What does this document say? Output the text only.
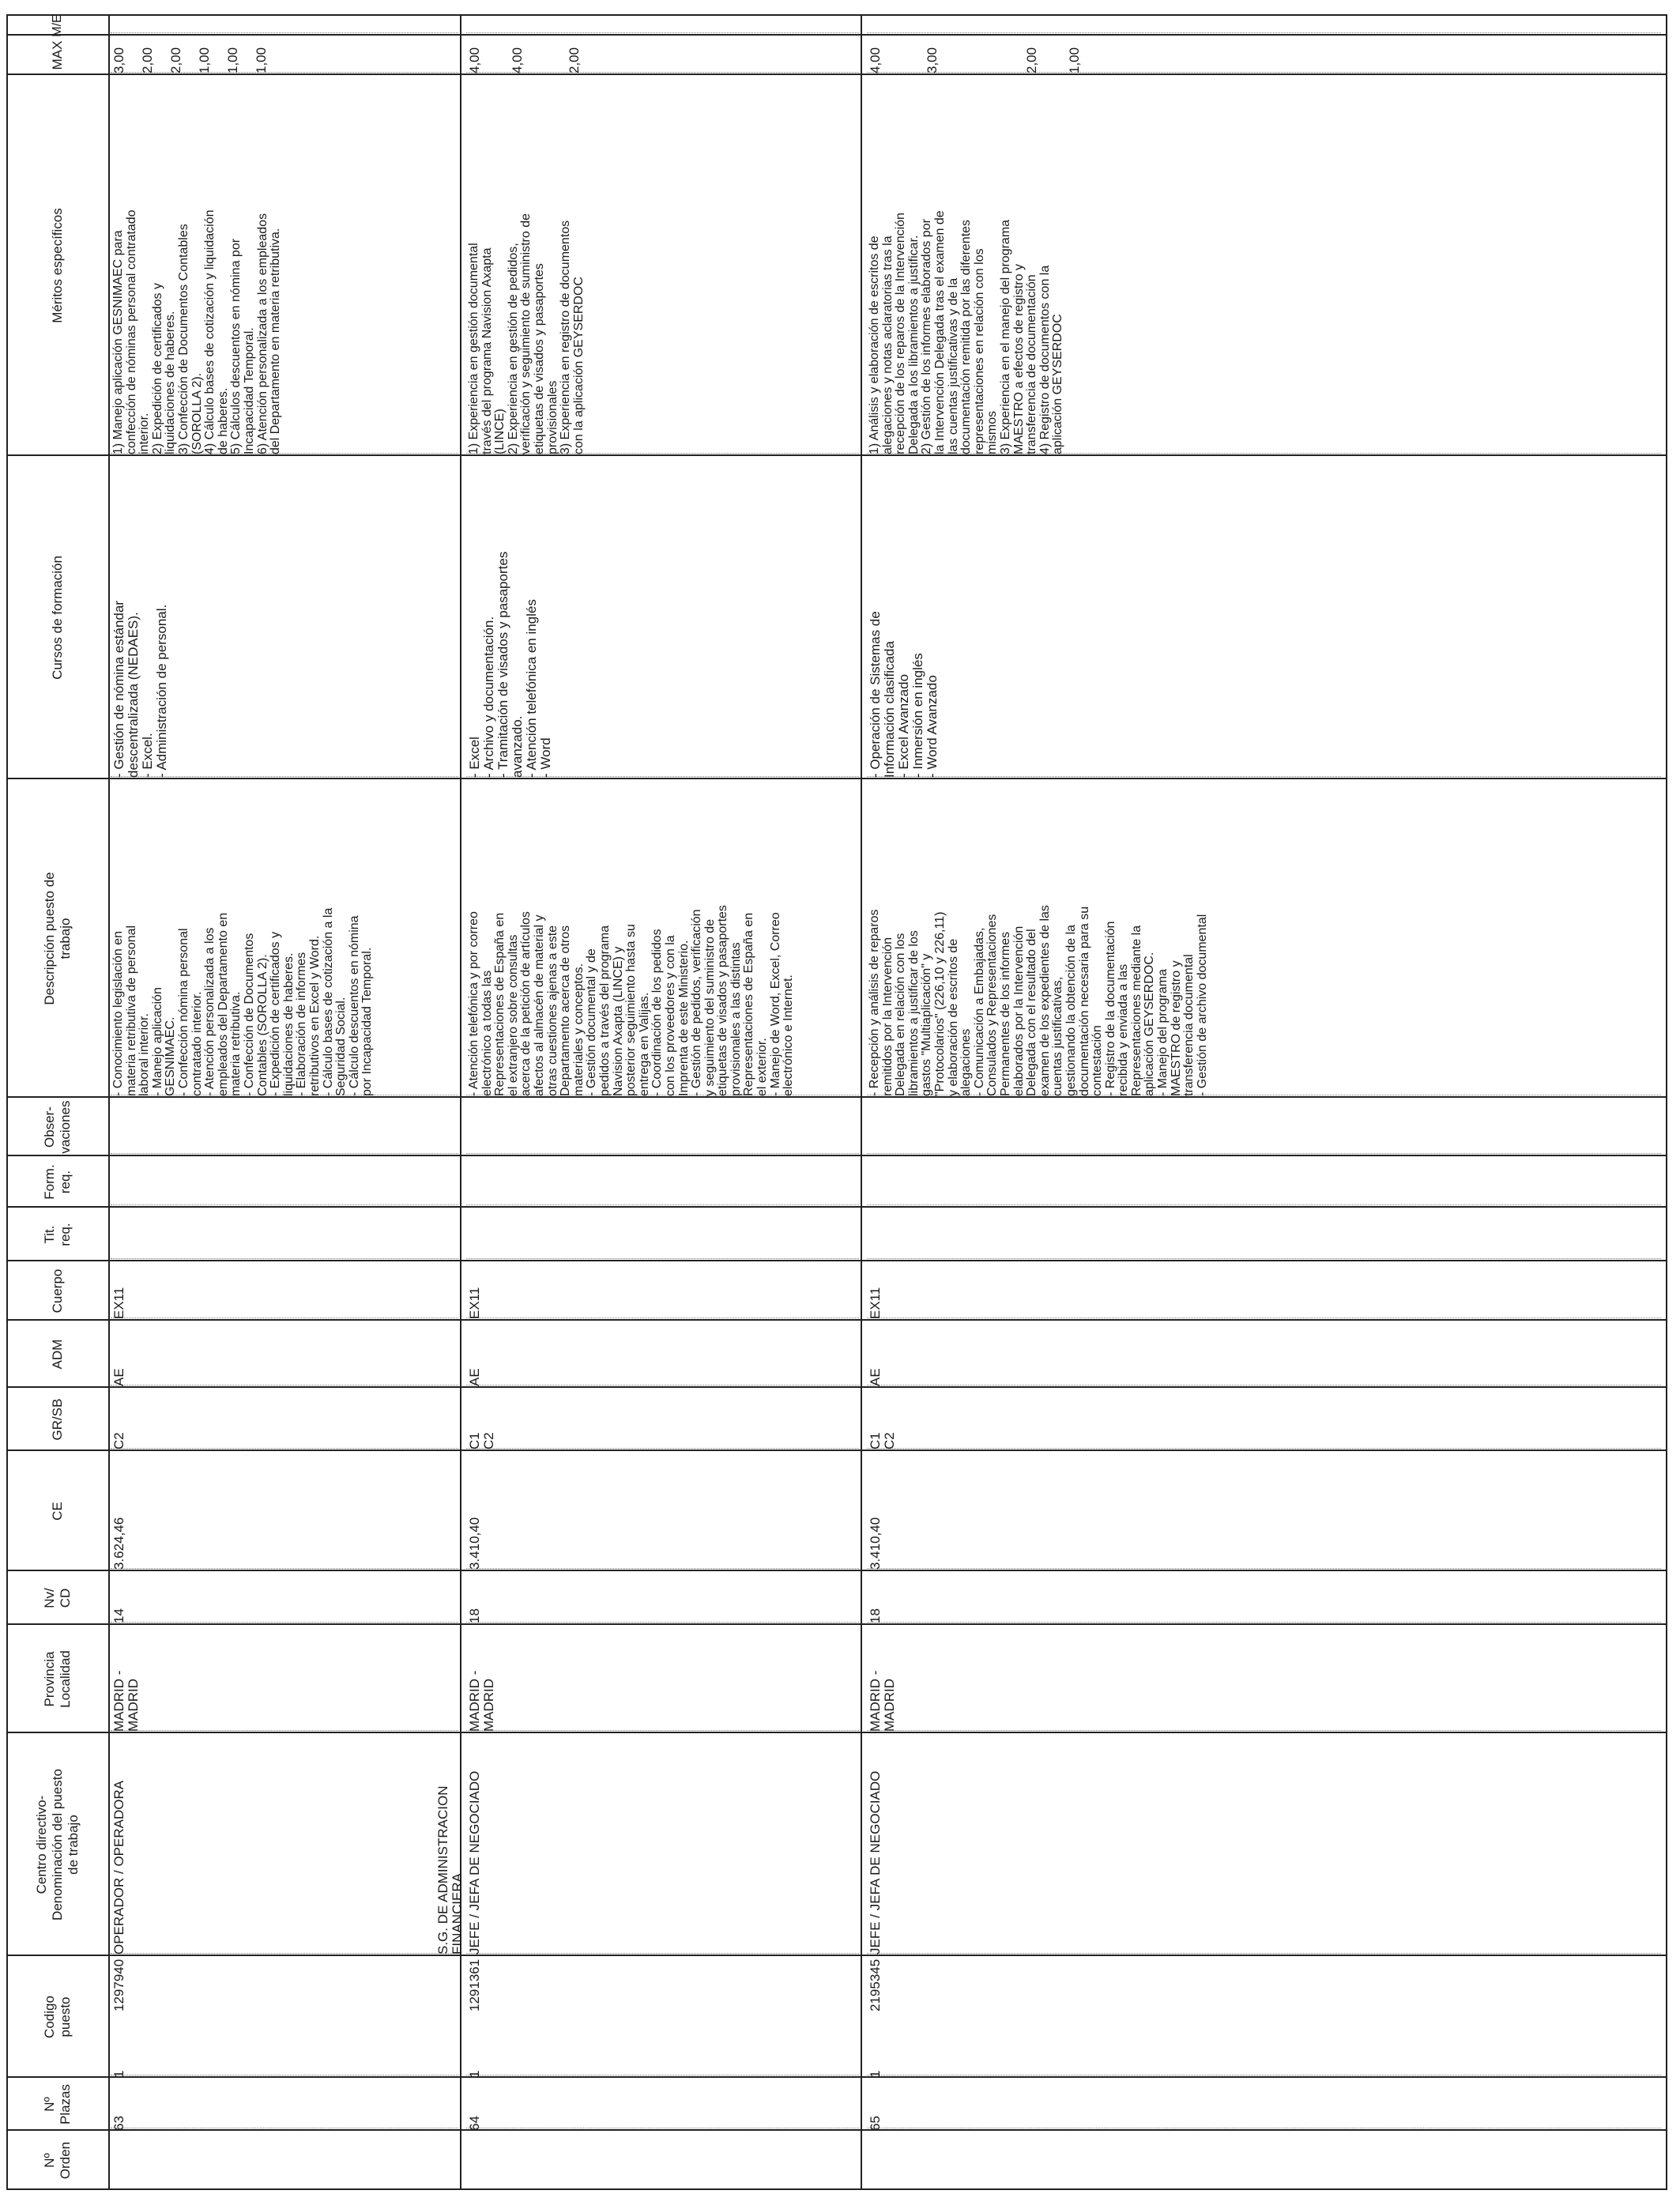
Nº
Orden
Nº
Plazas
Codigo
puesto
Centro directivo-
Denominación del puesto
de trabajo
Provincia
Localidad
Nv/
CD
CE
GR/SB
ADM
Cuerpo
Tit.
req.
Form.
req.
Obser-
vaciones
Descripción puesto de
trabajo
Cursos de formación
Méritos específicos
MAX
M/E
63
1
1297940
OPERADOR / OPERADORA
MADRID -
MADRID
14
3.624,46
C2
AE
EX11
- Conocimiento legislación en
materia retributiva de personal
laboral interior.
- Manejo aplicación
GESNIMAEC.
- Confección nómina personal
contratado interior.
- Atención personalizada a los
empleados del Departamento en
materia retributiva.
- Confección de Documentos
Contables (SOROLLA 2).
- Expedición de certificados y
liquidaciones de haberes.
- Elaboración de informes
retributivos en Excel y Word.
- Cálculo bases de cotización a la
Seguridad Social.
- Cálculo descuentos en nómina
por Incapacidad Temporal.
- Gestión de nómina estándar
descentralizada (NEDAES).
- Excel.
- Administración de personal.
1) Manejo aplicación GESNIMAEC para
confección de nóminas personal contratado
interior.
2) Expedición de certificados y
liquidaciones de haberes.
3) Confección de Documentos Contables
(SOROLLA 2).
4) Cálculo bases de cotización y liquidación
de haberes.
5) Cálculos descuentos en nómina por
Incapacidad Temporal.
6) Atención personalizada a los empleados
del Departamento en materia retributiva.
3,00

2,00

2,00

1,00

1,00

1,00
64
1
1291361
S.G. DE ADMINISTRACION
FINANCIERA JEFE / JEFA DE NEGOCIADO
MADRID -
MADRID
18
3.410,40
C1
C2
AE
EX11
- Atención telefónica y por correo
electrónico a todas las
Representaciones de España en
el extranjero sobre consultas
acerca de la petición de artículos
afectos al almacén de material y
otras cuestiones ajenas a este
Departamento acerca de otros
materiales y conceptos.
- Gestión documental y de
pedidos a través del programa
Navision Axapta (LINCE) y
posterior seguimiento hasta su
entrega en Valijas.
- Coordinación de los pedidos
con los proveedores y con la
Imprenta de este Ministerio.
- Gestión de pedidos, verificación
y seguimiento del suministro de
etiquetas de visados y pasaportes
provisionales a las distintas
Representaciones de España en
el exterior.
- Manejo de Word, Excel, Correo
electrónico e Internet.
- Excel
- Archivo y documentación.
- Tramitación de visados y pasaportes
avanzado.
- Atención telefónica en inglés
- Word
1) Experiencia en gestión documental
través del programa Navision Axapta
(LINCE)
2) Experiencia en gestión de pedidos,
verificación y seguimiento de suministro de
etiquetas de visados y pasaportes
provisionales
3) Experiencia en registro de documentos
con la aplicación GEYSERDOC
4,00

4,00

2,00
65
1
2195345
JEFE / JEFA DE NEGOCIADO
MADRID -
MADRID
18
3.410,40
C1
C2
AE
EX11
- Recepción y análisis de reparos
remitidos por la Intervención
Delegada en relación con los
libramientos a justificar de los
gastos "Multiaplicación" y
"Protocolarios" (226,10 y 226,11)
y elaboración de escritos de
alegaciones
- Comunicación a Embajadas,
Consulados y Representaciones
Permanentes de los informes
elaborados por la Intervención
Delegada con el resultado del
examen de los expedientes de las
cuentas justificativas,
gestionando la obtención de la
documentación necesaria para su
contestación
- Registro de la documentación
recibida y enviada a las
Representaciones mediante la
aplicación GEYSERDOC.
- Manejo del programa
MAESTRO de registro y
transferencia documental
- Gestión de archivo documental
- Operación de Sistemas de
Información clasificada
- Excel Avanzado
- Inmersión en inglés
- Word Avanzado
1) Análisis y elaboración de escritos de
alegaciones y notas aclaratorias tras la
recepción de los reparos de la Intervención
Delegada a los libramientos a justificar.
2) Gestión de los informes elaborados por
la Intervención Delegada tras el examen de
las cuentas justificativas y de la
documentación remitida por las diferentes
representaciones en relación con los
mismos
3) Experiencia en el manejo del programa
MAESTRO a efectos de registro y
transferencia de documentación
4) Registro de documentos con la
aplicación GEYSERDOC
4,00

3,00

2,00

1,00
